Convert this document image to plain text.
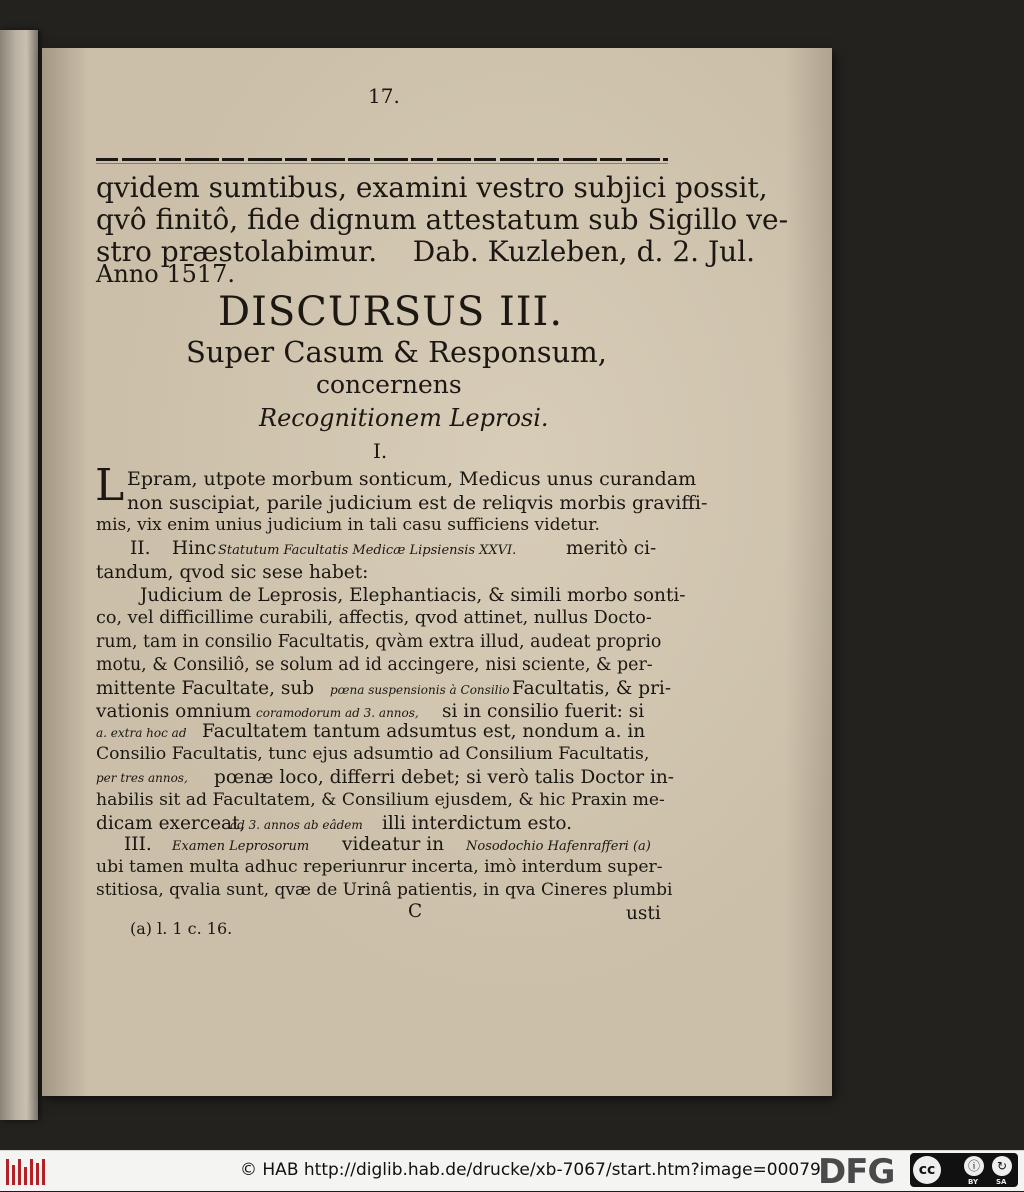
17.
qvidem sumtibus, examini vestro subjici possit,
qvô finitô, fide dignum attestatum sub Sigillo ve-
stro præstolabimur.    Dab. Kuzleben, d. 2. Jul.
Anno 1517.
DISCURSUS III.
Super Casum & Responsum,
concernens
Recognitionem Leprosi.
I.
L Epram, utpote morbum sonticum, Medicus unus curandam
non suscipiat, parile judicium est de reliqvis morbis graviffi-
mis, vix enim unius judicium in tali casu sufficiens videtur.
II. Hinc Statutum Facultatis Medicæ Lipsiensis XXVI.	meritò ci-
tandum, qvod sic sese habet:
Judicium de Leprosis, Elephantiacis, & simili morbo sonti-
co, vel difficillime curabili, affectis, qvod attinet, nullus Docto-
rum, tam in consilio Facultatis, qvàm extra illud, audeat proprio
motu, & Consiliô, se solum ad id accingere, nisi sciente, & per-
mittente Facultate, sub pœna suspensionis à Consilio Facultatis, & pri-
vationis omnium coramodorum ad 3. annos, si in consilio fuerit: si
a. extra hoc ad Facultatem tantum adsumtus est, nondum a. in
Consilio Facultatis, tunc ejus adsumtio ad Consilium Facultatis,
per tres annos, pœnæ loco, differri debet; si verò talis Doctor in-
habilis sit ad Facultatem, & Consilium ejusdem, & hic Praxin me-
dicam exerceat,
ad 3. annos ab eâdem illi interdictum esto.
III. Examen Leprosorum videatur in Nosodochio Hafenrafferi (a)
ubi tamen multa adhuc reperiunrur incerta, imò interdum super-
stitiosa, qvalia sunt, qvæ de Urinâ patientis, in qva Cineres plumbi
C	usti
(a) l. 1 c. 16.
© HAB http://diglib.hab.de/drucke/xb-7067/start.htm?image=00079
DFG	cc	ⓘ	↻
BY	SA
